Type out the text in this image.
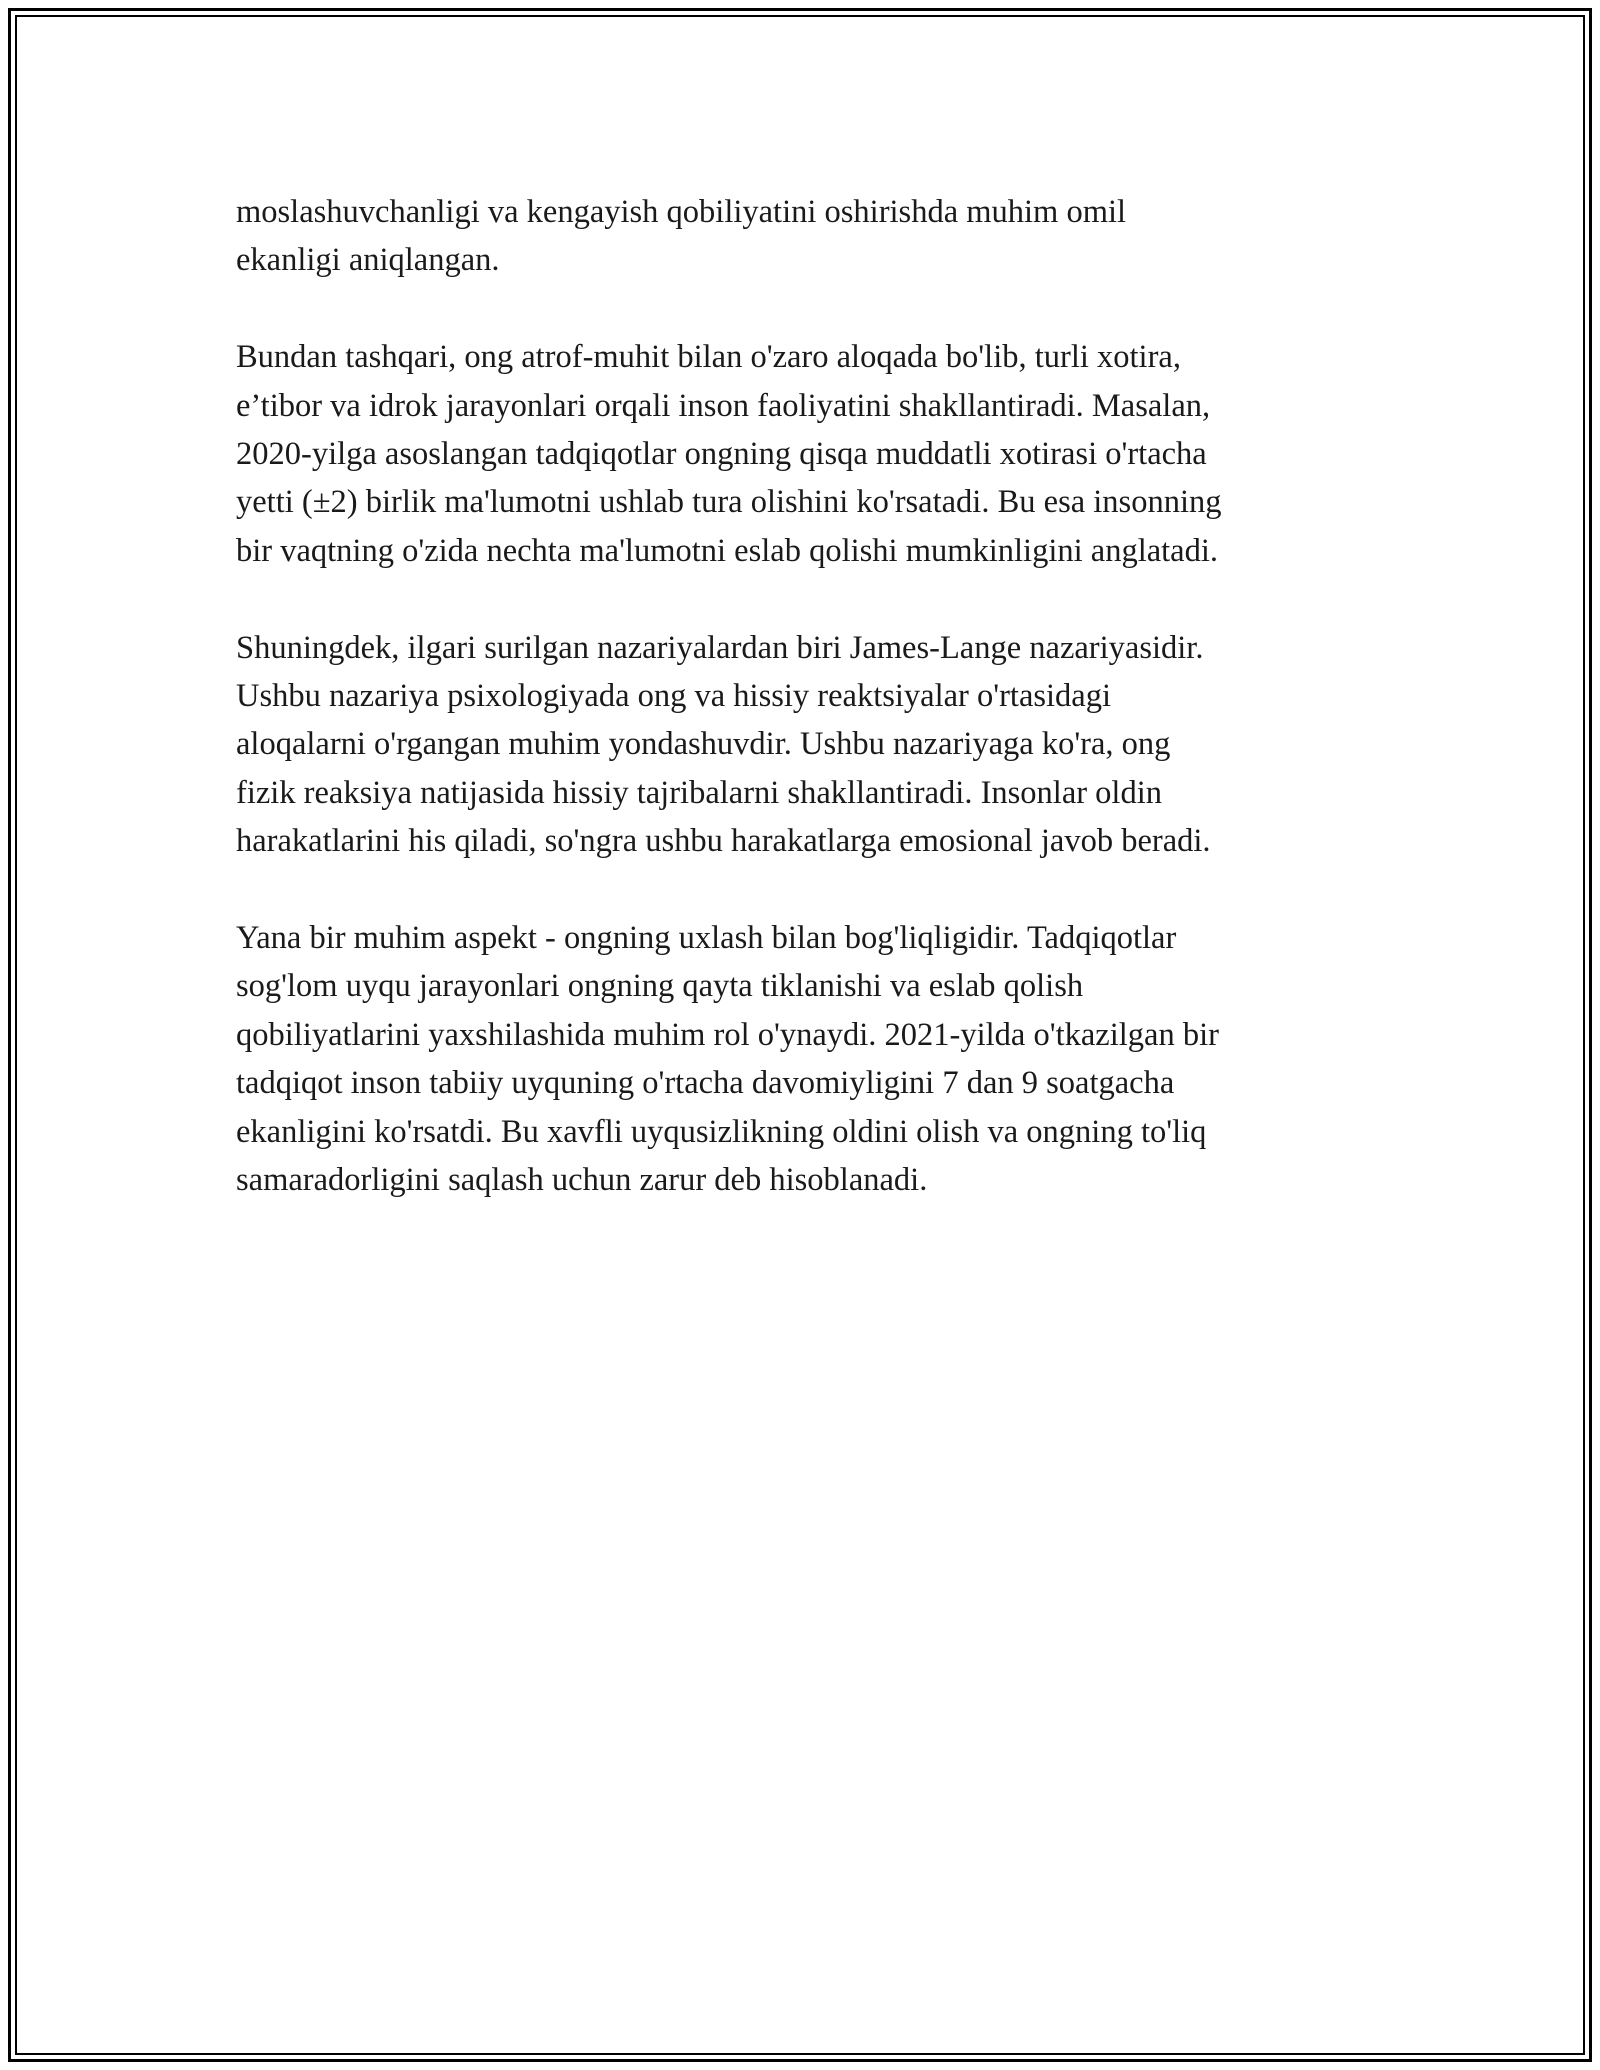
moslashuvchanligi va kengayish qobiliyatini oshirishda muhim omil
ekanligi aniqlangan.

Bundan tashqari, ong atrof-muhit bilan o'zaro aloqada bo'lib, turli xotira,
e’tibor va idrok jarayonlari orqali inson faoliyatini shakllantiradi. Masalan,
2020-yilga asoslangan tadqiqotlar ongning qisqa muddatli xotirasi o'rtacha
yetti (±2) birlik ma'lumotni ushlab tura olishini ko'rsatadi. Bu esa insonning
bir vaqtning o'zida nechta ma'lumotni eslab qolishi mumkinligini anglatadi.

Shuningdek, ilgari surilgan nazariyalardan biri James-Lange nazariyasidir.
Ushbu nazariya psixologiyada ong va hissiy reaktsiyalar o'rtasidagi
aloqalarni o'rgangan muhim yondashuvdir. Ushbu nazariyaga ko'ra, ong
fizik reaksiya natijasida hissiy tajribalarni shakllantiradi. Insonlar oldin
harakatlarini his qiladi, so'ngra ushbu harakatlarga emosional javob beradi.

Yana bir muhim aspekt - ongning uxlash bilan bog'liqligidir. Tadqiqotlar
sog'lom uyqu jarayonlari ongning qayta tiklanishi va eslab qolish
qobiliyatlarini yaxshilashida muhim rol o'ynaydi. 2021-yilda o'tkazilgan bir
tadqiqot inson tabiiy uyquning o'rtacha davomiyligini 7 dan 9 soatgacha
ekanligini ko'rsatdi. Bu xavfli uyqusizlikning oldini olish va ongning to'liq
samaradorligini saqlash uchun zarur deb hisoblanadi.
